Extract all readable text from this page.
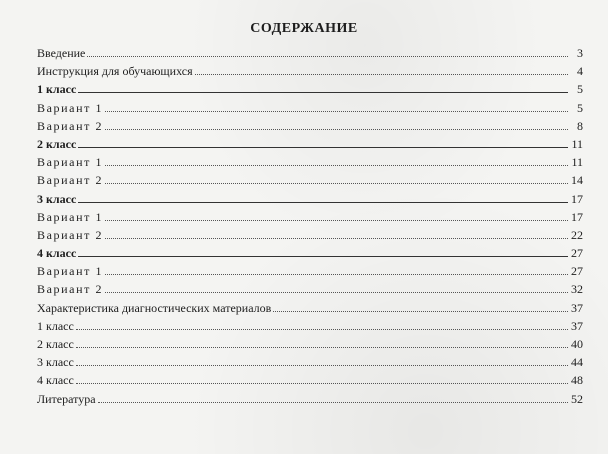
СОДЕРЖАНИЕ
Введение	3
Инструкция для обучающихся	4
1 класс	5
Вариант 1	5
Вариант 2	8
2 класс	11
Вариант 1	11
Вариант 2	14
3 класс	17
Вариант 1	17
Вариант 2	22
4 класс	27
Вариант 1	27
Вариант 2	32
Характеристика диагностических материалов	37
1 класс	37
2 класс	40
3 класс	44
4 класс	48
Литература	52
